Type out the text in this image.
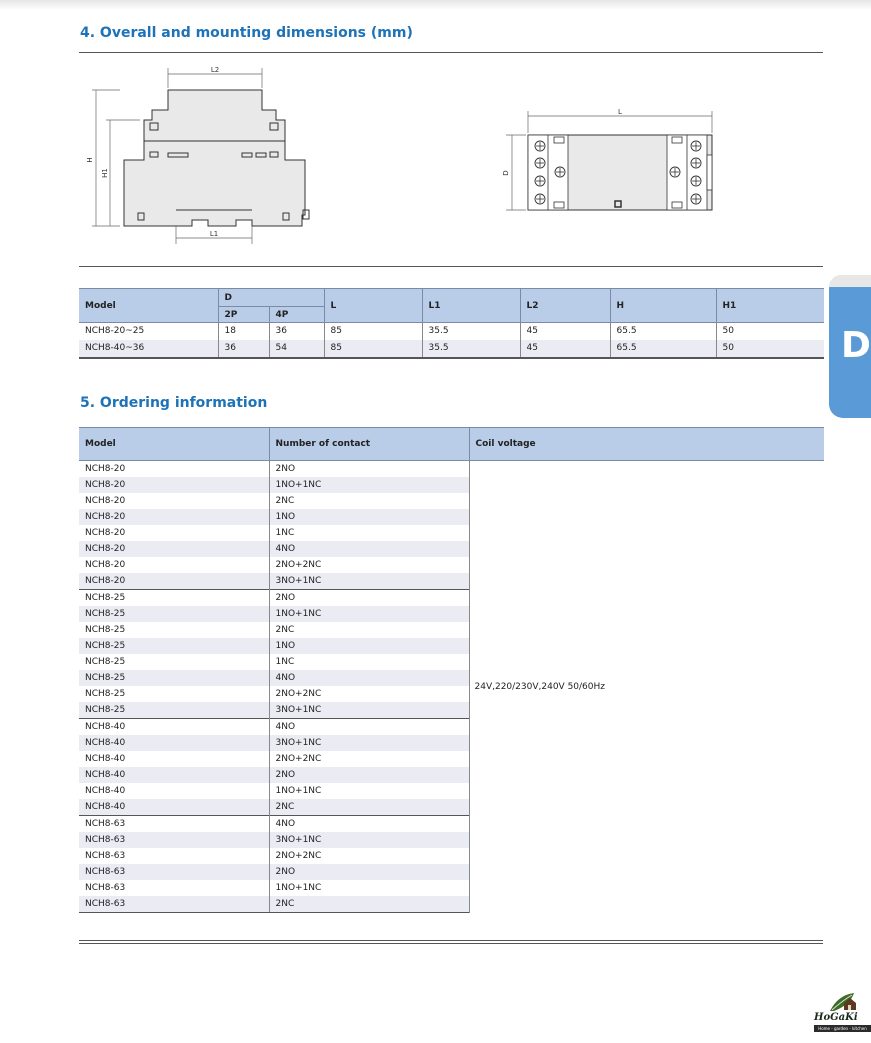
4. Overall and mounting dimensions (mm)
L2
L1
H
H1
L
D
Model	D		L	L1	L2	H	H1
	2P	4P					
NCH8-20~25	18	36	85	35.5	45	65.5	50
NCH8-40~36	36	54	85	35.5	45	65.5	50	D
5. Ordering information
Model	Number of contact	Coil voltage
NCH8-20	2NO	24V,220/230V,240V 50/60Hz
NCH8-20	1NO+1NC	
NCH8-20	2NC	
NCH8-20	1NO	
NCH8-20	1NC	
NCH8-20	4NO	
NCH8-20	2NO+2NC	
NCH8-20	3NO+1NC	
NCH8-25	2NO	
NCH8-25	1NO+1NC	
NCH8-25	2NC	
NCH8-25	1NO	
NCH8-25	1NC	
NCH8-25	4NO	
NCH8-25	2NO+2NC	
NCH8-25	3NO+1NC	
NCH8-40	4NO	
NCH8-40	3NO+1NC	
NCH8-40	2NO+2NC	
NCH8-40	2NO	
NCH8-40	1NO+1NC	
NCH8-40	2NC	
NCH8-63	4NO	
NCH8-63	3NO+1NC	
NCH8-63	2NO+2NC	
NCH8-63	2NO	
NCH8-63	1NO+1NC	
NCH8-63	2NC	
HoGaKi
Home - garden - kitchen
